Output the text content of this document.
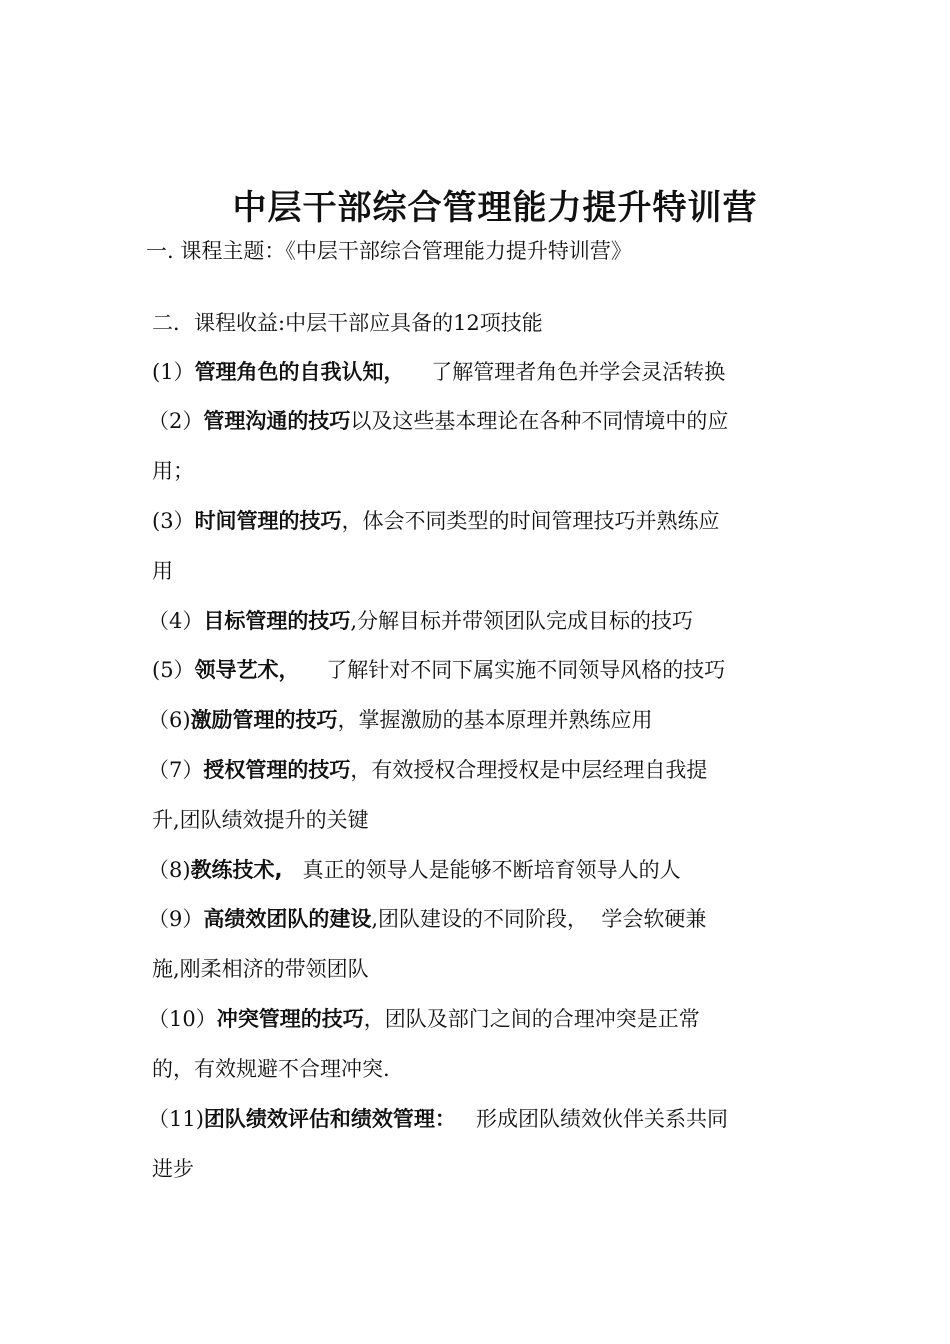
中层干部综合管理能力提升特训营
一. 课程主题：《中层干部综合管理能力提升特训营》
二．课程收益:中层干部应具备的12项技能
(1）管理角色的自我认知，    了解管理者角色并学会灵活转换
（2）管理沟通的技巧以及这些基本理论在各种不同情境中的应
用；
(3）时间管理的技巧，体会不同类型的时间管理技巧并熟练应
用
（4）目标管理的技巧,分解目标并带领团队完成目标的技巧
(5）领导艺术，    了解针对不同下属实施不同领导风格的技巧
（6)激励管理的技巧，掌握激励的基本原理并熟练应用
（7）授权管理的技巧，有效授权合理授权是中层经理自我提
升,团队绩效提升的关键
（8)教练技术,   真正的领导人是能够不断培育领导人的人
（9）高绩效团队的建设,团队建设的不同阶段，  学会软硬兼
施,刚柔相济的带领团队
（10）冲突管理的技巧，团队及部门之间的合理冲突是正常
的，有效规避不合理冲突.
（11)团队绩效评估和绩效管理：   形成团队绩效伙伴关系共同
进步
